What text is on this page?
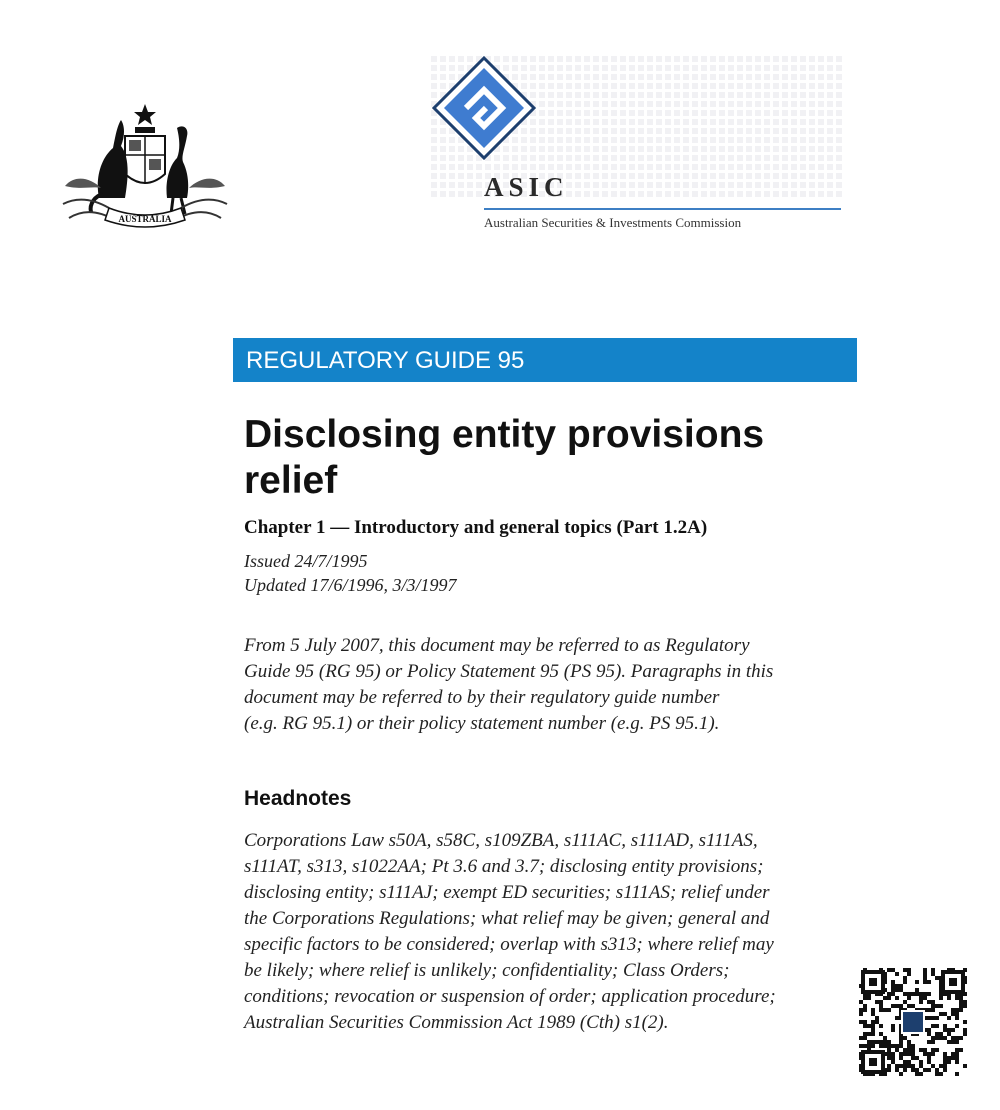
AUSTRALIA
ASIC
Australian Securities & Investments Commission
REGULATORY GUIDE 95
Disclosing entity provisions
relief
Chapter 1 — Introductory and general topics (Part 1.2A)
Issued 24/7/1995
Updated 17/6/1996, 3/3/1997
From 5 July 2007, this document may be referred to as Regulatory
Guide 95 (RG 95) or Policy Statement 95 (PS 95). Paragraphs in this
document may be referred to by their regulatory guide number
(e.g. RG 95.1) or their policy statement number (e.g. PS 95.1).
Headnotes
Corporations Law s50A, s58C, s109ZBA, s111AC, s111AD, s111AS,
s111AT, s313, s1022AA; Pt 3.6 and 3.7; disclosing entity provisions;
disclosing entity; s111AJ; exempt ED securities; s111AS; relief under
the Corporations Regulations; what relief may be given; general and
specific factors to be considered; overlap with s313; where relief may
be likely; where relief is unlikely; confidentiality; Class Orders;
conditions; revocation or suspension of order; application procedure;
Australian Securities Commission Act 1989 (Cth) s1(2).
